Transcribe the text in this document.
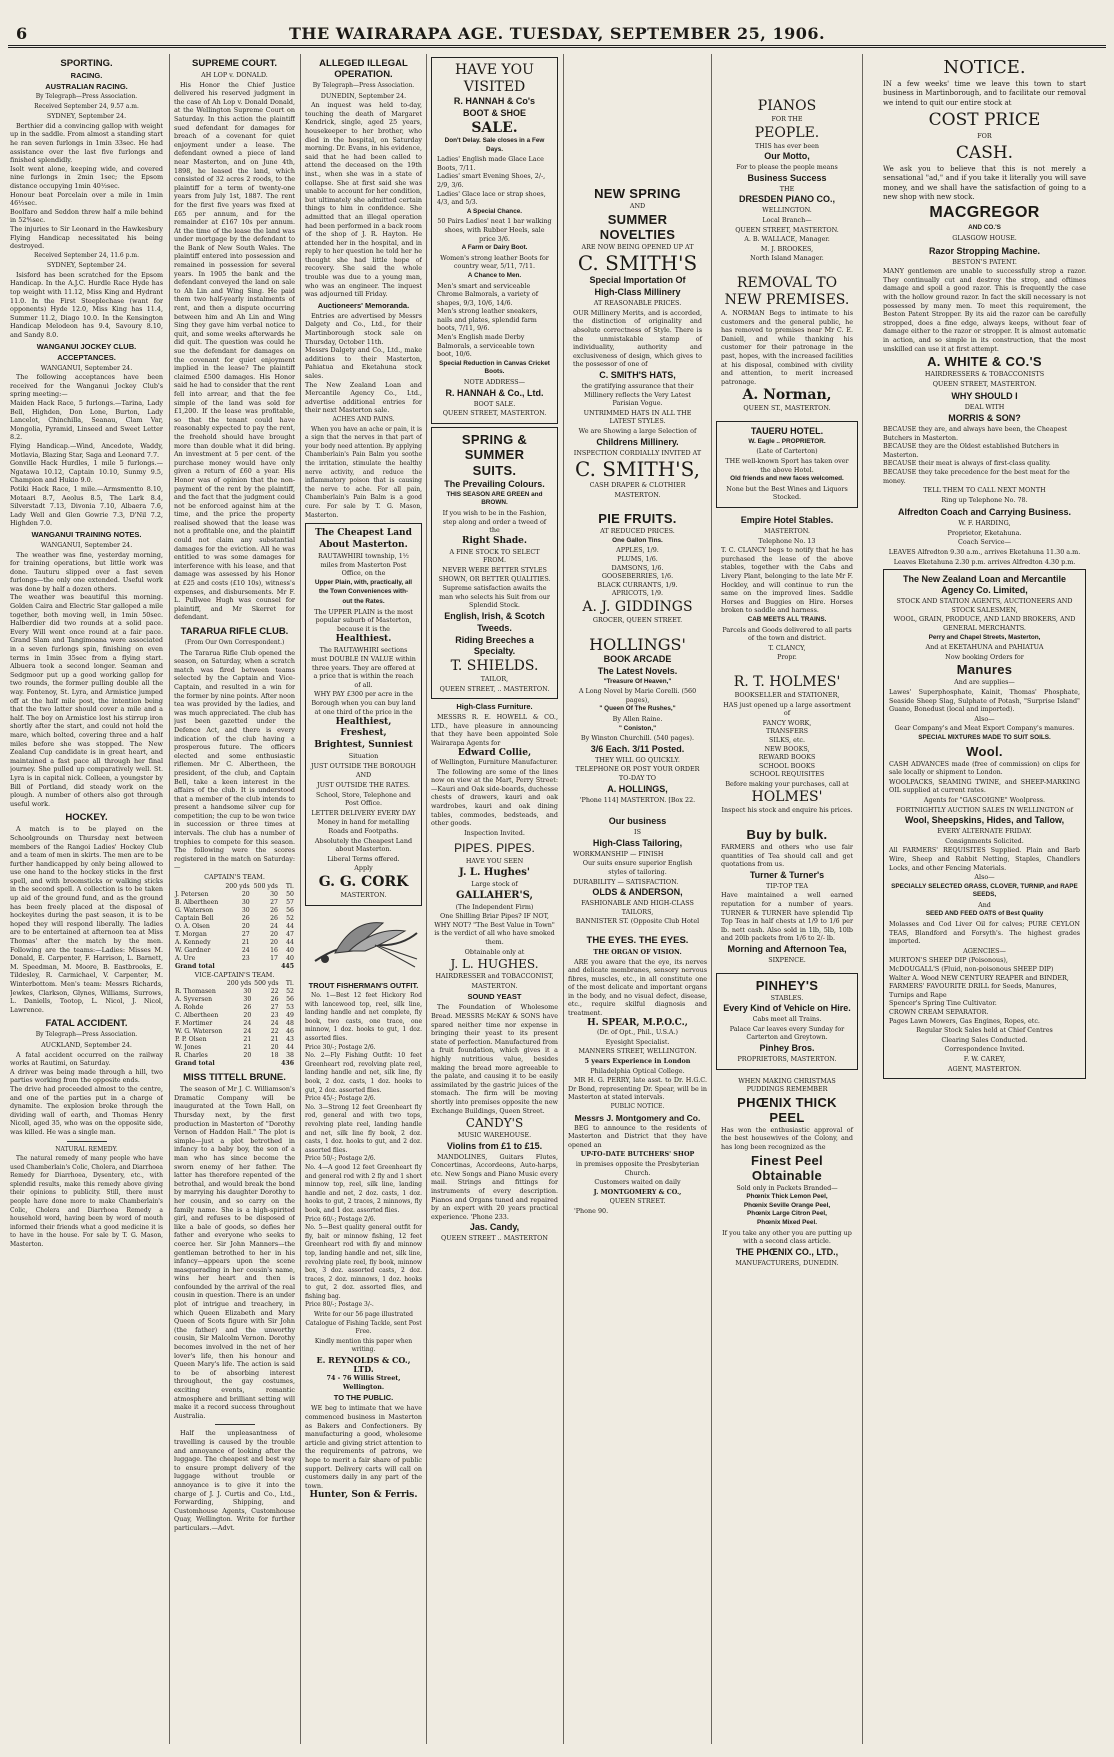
6	THE WAIRARAPA AGE. TUESDAY, SEPTEMBER 25, 1906.
SPORTING.
RACING.
AUSTRALIAN RACING.

By Telegraph—Press Association.

Received September 24, 9.57 a.m.

SYDNEY, September 24.

Berthier did a convincing gallop with weight up in the saddle. From almost a standing start he ran seven furlongs in 1min 33sec. He had assistance over the last five furlongs and finished splendidly.
Isolt went alone, keeping wide, and covered nine furlongs in 2min 1sec; the Epsom distance occupying 1min 40½sec.
Honour beat Porcelain over a mile in 1min 46½sec.
Boolfaro and Seddon threw half a mile behind in 52⅘sec.
The injuries to Sir Leonard in the Hawkesbury Flying Handicap necessitated his being destroyed.

Received September 24, 11.6 p.m.

SYDNEY, September 24.

Isisford has been scratched for the Epsom Handicap. In the A.J.C. Hurdle Race Hyde has top weight with 11.12, Miss King and Hydrant 11.0. In the First Steeplechase (want for opponents) Hyde 12.0, Miss King has 11.4, Summer 11.2, Diago 10.0. In the Kensington Handicap Melodeon has 9.4, Savoury 8.10, and Sandy 8.0.

WANGANUI JOCKEY CLUB.
ACCEPTANCES.

WANGANUI, September 24.

The following acceptances have been received for the Wanganui Jockey Club's spring meeting:—
Maiden Hack Race, 5 furlongs.—Tarina, Lady Bell, Highden, Don Lone, Burton, Lady Lancelot, Chinchilla, Seanau, Clam Var, Mongolia, Pyramid, Linseed and Sweet Letter 8.2.
Flying Handicap.—Wind, Ancedote, Waddy, Motlavia, Blazing Star, Saga and Leonard 7.7.
Gonville Hack Hurdles, 1 mile 5 furlongs.—Ngatawa 10.12, Captain 10.10, Sunmy 9.5, Champion and Hukio 9.0.
Potiki Hack Race, 1 mile.—Armsmentto 8.10, Motaari 8.7, Aeolus 8.5, The Lark 8.4, Silverstadt 7.13, Divonia 7.10, Albaera 7.6, Lady Well and Glen Gowrie 7.3, D'Nil 7.2, Highden 7.0.

WANGANUI TRAINING NOTES.

WANGANUI, September 24.

The weather was fine, yesterday morning, for training operations, but little work was done. Tauturu slipped over a fast seven furlongs—the only one extended. Useful work was done by half a dozen others.
The weather was beautiful this morning. Golden Caira and Electric Star galloped a mile together, both moving well, in 1min 50sec. Halberdier did two rounds at a solid pace. Every Will went once round at a fair pace. Grand Slam and Tangimoana were associated in a seven furlongs spin, finishing on even terms in 1min 35sec from a flying start. Albuera took a second longer. Seaman and Sedgmoor put up a good working gallop for two rounds, the former pulling double all the way. Fontenoy, St. Lyra, and Armistice jumped off at the half mile post, the intention being that the two latter should cover a mile and a half. The boy on Armistice lost his stirrup iron shortly after the start, and could not hold the mare, which bolted, covering three and a half miles before she was stopped. The New Zealand Cup candidate is in great heart, and maintained a fast pace all through her final journey. She pulled up comparatively well. St. Lyra is in capital nick. Colleen, a youngster by Bill of Portland, did steady work on the plough. A number of others also got through useful work.

HOCKEY.

A match is to be played on the Schoolgrounds on Thursday next between members of the Rangoi Ladies' Hockey Club and a team of men in skirts. The men are to be further handicapped by only being allowed to use one hand to the hockey sticks in the first spell, and with broomsticks or walking sticks in the second spell. A collection is to be taken up aid of the ground fund, and as the ground has been freely placed at the disposal of hockeyites during the past season, it is to be hoped they will respond liberally. The ladies are to be entertained at afternoon tea at Miss Thomas' after the match by the men. Following are the teams:—Ladies: Misses M. Donald, E. Carpenter, F. Harrison, L. Barnett, M. Speedman, M. Moore, B. Eastbrooks, E. Tildesley, R. Carmichael, V. Carpenter, M. Winterbottom. Men's team: Messrs Richards, Jewkes, Clarkson, Glynes, Williams, Surrows, L. Daniells, Tootop, L. Nicol, J. Nicol, Lawrence.

FATAL ACCIDENT.

By Telegraph—Press Association.

AUCKLAND, September 24.

A fatal accident occurred on the railway works at Rautimi, on Saturday.
A driver was being made through a hill, two parties working from the opposite ends.
The drive had proceeded almost to the centre, and one of the parties put in a charge of dynamite. The explosion broke through the dividing wall of earth, and Thomas Henry Nicoll, aged 35, who was on the opposite side, was killed. He was a single man.

NATURAL REMEDY.

The natural remedy of many people who have used Chamberlain's Colic, Cholera, and Diarrhoea Remedy for Diarrhoea, Dysentery, etc., with splendid results, make this remedy above giving their opinions to publicity. Still, there must people have done more to make Chamberlain's Colic, Cholera and Diarrhoea Remedy a household word, having been by word of mouth informed their friends what a good medicine it is to have in the house. For sale by T. G. Mason, Masterton.

SUPREME COURT.

AH LOP v. DONALD.

His Honor the Chief Justice delivered his reserved judgment in the case of Ah Lop v. Donald Donald, at the Wellington Supreme Court on Saturday. In this action the plaintiff sued defendant for damages for breach of a covenant for quiet enjoyment under a lease. The defendant owned a piece of land near Masterton, and on June 4th, 1898, he leased the land, which consisted of 32 acres 2 roods, to the plaintiff for a term of twenty-one years from July 1st, 1887. The rent for the first five years was fixed at £65 per annum, and for the remainder at £167 10s per annum. At the time of the lease the land was under mortgage by the defendant to the Bank of New South Wales. The plaintiff entered into possession and remained in possession for several years. In 1905 the bank and the defendant conveyed the land on sale to Ah Lin and Wing Sing. He paid them two half-yearly instalments of rent, and then a dispute occurring between him and Ah Lin and Wing Sing they gave him verbal notice to quit, and some weeks afterwards he did quit. The question was could he sue the defendant for damages on the covenant for quiet enjoyment implied in the lease? The plaintiff claimed £500 damages. His Honor said he had to consider that the rent fell into arrear, and that the fee simple of the land was sold for £1,200. If the lease was profitable, so that the tenant could have reasonably expected to pay the rent, the freehold should have brought more than double what it did bring. An investment at 5 per cent. of the purchase money would have only given a return of £60 a year. His Honor was of opinion that the non-payment of the rent by the plaintiff, and the fact that the judgment could not be enforced against him at the time, and the price the property realised showed that the lease was not a profitable one, and the plaintiff could not claim any substantial damages for the eviction. All he was entitled to was some damages for interference with his lease, and that damage was assessed by his Honor at £25 and costs (£10 10s), witness's expenses, and disbursements. Mr F. L. Pullwee Hugh was counsel for plaintiff, and Mr Skerret for defendant.

TARARUA RIFLE CLUB.

(From Our Own Correspondent.)

The Tararua Rifle Club opened the season, on Saturday, when a scratch match was fired between teams selected by the Captain and Vice-Captain, and resulted in a win for the former by nine points. After noon tea was provided by the ladies, and was much appreciated. The club has just been gazetted under the Defence Act, and there is every indication of the club having a prosperous future. The officers elected and some enthusiastic riflemen. Mr C. Albertheen, the president, of the club, and Captain Bell, take a keen interest in the affairs of the club. It is understood that a member of the club intends to present a handsome silver cup for competition; the cup to be won twice in succession or three times at intervals. The club has a number of trophies to compete for this season. The following were the scores registered in the match on Saturday:—

CAPTAIN'S TEAM.

	200 yds	500 yds	Tl.
J. Petersen	20	30	50
B. Albertheen	30	27	57
G. Waterson	30	26	56
Captain Bell	26	26	52
O. A. Olsen	20	24	44
T. Morgan	27	20	47
A. Kennedy	21	20	44
W. Gardner	24	16	40
A. Ure	23	17	40
Grand total			445

VICE-CAPTAIN'S TEAM.

	200 yds	500 yds	Tl.
R. Thomasen	30	22	52
A. Syversen	30	26	56
A. Rohde	26	27	53
C. Albertheen	20	23	49
F. Mortimer	24	24	48
W. G. Waterson	24	22	46
P. P. Olsen	21	21	43
W. Jones	21	20	44
R. Charles	20	18	38
Grand total			436
MISS TITTELL BRUNE.

The season of Mr J. C. Williamson's Dramatic Company will be inaugurated at the Town Hall, on Thursday next, by the first production in Masterton of "Dorothy Vernon of Haddon Hall." The plot is simple—just a plot betrothed in infancy to a baby boy, the son of a man who has since become the sworn enemy of her father. The latter has therefore repented of the betrothal, and would break the bond by marrying his daughter Dorothy to her cousin, and so carry on the family name. She is a high-spirited girl, and refuses to be disposed of like a bale of goods, so defies her father and everyone who seeks to coerce her. Sir John Manners—the gentleman betrothed to her in his infancy—appears upon the scene masquerading in her cousin's name, wins her heart and then is confounded by the arrival of the real cousin in question. There is an under plot of intrigue and treachery, in which Queen Elizabeth and Mary Queen of Scots figure with Sir John (the father) and the unworthy cousin, Sir Malcolm Vernon. Dorothy becomes involved in the net of her lover's life, then his honour and Queen Mary's life. The action is said to be of absorbing interest throughout, the gay costumes, exciting events, romantic atmosphere and brilliant setting will make it a record success throughout Australia.

Half the unpleasantness of travelling is caused by the trouble and annoyance of looking after the luggage. The cheapest and best way to ensure prompt delivery of the luggage without trouble or annoyance is to give it into the charge of J. J. Curtis and Co., Ltd., Forwarding, Shipping, and Customhouse Agents, Customhouse Quay, Wellington. Write for further particulars.—Advt.

ALLEGED ILLEGAL OPERATION.

By Telegraph—Press Association.

DUNEDIN, September 24.

An inquest was held to-day, touching the death of Margaret Kendrick, single, aged 25 years, housekeeper to her brother, who died in the hospital, on Saturday morning. Dr. Evans, in his evidence, said that he had been called to attend the deceased on the 19th inst., when she was in a state of collapse. She at first said she was unable to account for her condition, but ultimately she admitted certain things to him in confidence. She admitted that an illegal operation had been performed in a back room of the shop of J. R. Hayton. He attended her in the hospital, and in reply to her question he told her he thought she had little hope of recovery. She said the whole trouble was due to a young man, who was an engineer. The inquest was adjourned till Friday.

Auctioneers' Memoranda.

Entries are advertised by Messrs Dalgety and Co., Ltd., for their Martinborough stock sale on Thursday, October 11th.
Messrs Dalgety and Co., Ltd., make additions to their Masterton, Pahiatua and Eketahuna stock sales.
The New Zealand Loan and Mercantile Agency Co., Ltd., advertise additional entries for their next Masterton sale.

ACHES AND PAINS.

When you have an ache or pain, it is a sign that the nerves in that part of your body need attention. By applying Chamberlain's Pain Balm you soothe the irritation, stimulate the healthy nerve activity, and reduce the inflammatory poison that is causing the nerve to ache. For all pain, Chamberlain's Pain Balm is a good cure. For sale by T. G. Mason, Masterton.

The Cheapest Land

About Masterton.

RAUTAWHIRI township, 1½ miles from Masterton Post Office, on the

Upper Plain, with, practically, all

the Town Conveniences with-

out the Rates.

The UPPER PLAIN is the most popular suburb of Masterton, because it is the

Healthiest.

The RAUTAWHIRI sections must DOUBLE IN VALUE within three years. They are offered at a price that is within the reach of all.

WHY PAY £300 per acre in the Borough when you can buy land at one third of the price in the

Healthiest, Freshest,

Brightest, Sunniest

Situation

JUST OUTSIDE THE BOROUGH

AND

JUST OUTSIDE THE RATES.

School, Store, Telephone and Post Office.

LETTER DELIVERY EVERY DAY

Money in hand for metalling Roads and Footpaths.

Absolutely the Cheapest Land about Masterton.

Liberal Terms offered.

Apply

G. G. CORK

MASTERTON.

TROUT FISHERMAN'S OUTFIT.

No. 1—Best 12 feet Hickory Rod with lancewood top, reel, silk line, landing handle and net complete, fly book, two casts, one trace, one minnow, 1 doz. hooks to gut, 1 doz. assorted flies.
Price 30/-; Postage 2/6.
No. 2—Fly Fishing Outfit: 10 feet Greenheart rod, revolving plate reel, landing handle and net, silk line, fly book, 2 doz. casts, 1 doz. hooks to gut, 2 doz. assorted flies.
Price 45/-; Postage 2/6.
No. 3—Strong 12 feet Greenheart fly rod, general and with two tops, revolving plate reel, landing handle and net, silk line fly book, 2 doz. casts, 1 doz. hooks to gut, and 2 doz. assorted flies.
Price 50/-; Postage 2/6.
No. 4—A good 12 feet Greenheart fly and general rod with 2 fly and 1 short minnow top, reel, silk line, landing handle and net, 2 doz. casts, 1 doz. hooks to gut, 2 traces, 2 minnows, fly book, and 1 doz. assorted flies.
Price 60/-; Postage 2/6.
No. 5—Best quality general outfit for fly, bait or minnow fishing, 12 feet Greenheart rod with fly and minnow top, landing handle and net, silk line, revolving plate reel, fly book, minnow box, 3 doz. assorted casts, 2 doz. traces, 2 doz. minnows, 1 doz. hooks to gut, 2 doz. assorted flies, and fishing bag.
Price 80/-; Postage 3/-.

Write for our 56 page illustrated Catalogue of Fishing Tackle, sent Post Free.

Kindly mention this paper when writing.

E. REYNOLDS & CO., LTD.

74 - 76 Willis Street, Wellington.

TO THE PUBLIC.

WE beg to intimate that we have commenced business in Masterton as Bakers and Confectioners. By manufacturing a good, wholesome article and giving strict attention to the requirements of patrons, we hope to merit a fair share of public support. Delivery carts will call on customers daily in any part of the town.

Hunter, Son & Ferris.

HAVE YOU

VISITED

R. HANNAH & Co's

BOOT & SHOE

SALE.

Don't Delay. Sale closes in a Few Days.

Ladies' English made Glace Lace Boots, 7/11.
Ladies' smart Evening Shoes, 2/-, 2/9, 3/6.
Ladies' Glace lace or strap shoes, 4/3, and 5/3.

A Special Chance.

50 Pairs Ladies' neat 1 bar walking shoes, with Rubber Heels, sale price 3/6.

A Farm or Dairy Boot.

Women's strong leather Boots for country wear, 5/11, 7/11.

A Chance to Men.

Men's smart and serviceable Chrome Balmorals, a variety of shapes, 9/3, 10/6, 14/6.
Men's strong leather sneakers, nails and plates, splendid farm boots, 7/11, 9/6.
Men's English made Derby Balmorals, a serviceable town boot, 10/6.

Special Reduction in Canvas Cricket Boots.

NOTE ADDRESS—

R. HANNAH & Co., Ltd.

BOOT SALE.

QUEEN STREET, MASTERTON.

SPRING & SUMMER

SUITS.

The Prevailing Colours.

THIS SEASON ARE GREEN and BROWN.

If you wish to be in the Fashion, step along and order a tweed of the

Right Shade.

A FINE STOCK TO SELECT FROM.

NEVER WERE BETTER STYLES SHOWN, OR BETTER QUALITIES.

Supreme satisfaction awaits the man who selects his Suit from our Splendid Stock.

English, Irish, & Scotch

Tweeds.

Riding Breeches a Specialty.

T. SHIELDS.

TAILOR,

QUEEN STREET, .. MASTERTON.

High-Class Furniture.

MESSRS R. E. HOWELL & CO., LTD., have pleasure in announcing that they have been appointed Sole Wairarapa Agents for

Edward Collie,

of Wellington, Furniture Manufacturer.

The following are some of the lines now on view at the Mart, Perry Street:—Kauri and Oak side-boards, duchesse chests of drawers, kauri and oak wardrobes, kauri and oak dining tables, commodes, bedsteads, and other goods.

Inspection Invited.

PIPES. PIPES.

HAVE YOU SEEN

J. L. Hughes'

Large stock of

GALLAHER'S,

(The Independent Firm)

One Shilling Briar Pipes? IF NOT, WHY NOT? "The Best Value in Town" is the verdict of all who have smoked them.

Obtainable only at

J. L. HUGHES.

HAIRDRESSER and TOBACCONIST,

MASTERTON.

SOUND YEAST

The Foundation of Wholesome Bread. MESSRS McKAY & SONS have spared neither time nor expense in bringing their yeast to its present state of perfection. Manufactured from a fruit foundation, which gives it a highly nutritious value, besides making the bread more agreeable to the palate, and causing it to be easily assimilated by the gastric juices of the stomach. The firm will be moving shortly into premises opposite the new Exchange Buildings, Queen Street.

CANDY'S

MUSIC WAREHOUSE.

Violins from £1 to £15.

MANDOLINES, Guitars Flutes, Concertinas, Accordeons, Auto-harps, etc. New Songs and Piano Music every mail. Strings and fittings for instruments of every description. Pianos and Organs tuned and repaired by an expert with 20 years practical experience. 'Phone 233.

Jas. Candy,

QUEEN STREET .. MASTERTON

NEW SPRING

AND

SUMMER NOVELTIES

ARE NOW BEING OPENED UP AT

C. SMITH'S

Special Importation Of

High-Class Millinery

AT REASONABLE PRICES.

OUR Millinery Merits, and is accorded, the distinction of originality and absolute correctness of Style. There is the unmistakable stamp of individuality, authority and exclusiveness of design, which gives to the possessor of one of

C. SMITH'S HATS,

the gratifying assurance that their Millinery reflects the Very Latest Parisian Vogue.

UNTRIMMED HATS IN ALL THE LATEST STYLES.

We are Showing a large Selection of

Childrens Millinery.

INSPECTION CORDIALLY INVITED AT

C. SMITH'S,

CASH DRAPER & CLOTHIER

MASTERTON.

PIE FRUITS.

AT REDUCED PRICES.

One Gallon Tins.

APPLES, 1/9.
PLUMS, 1/6.
DAMSONS, 1/6.
GOOSEBERRIES, 1/6.
BLACK CURRANTS, 1/9.
APRICOTS, 1/9.

A. J. GIDDINGS

GROCER, QUEEN STREET.

HOLLINGS'

BOOK ARCADE

The Latest Novels.

"Treasure Of Heaven,"

A Long Novel by Marie Corelli. (560 pages),

" Queen Of The Rushes,"

By Allen Raine.

" Coniston,"

By Winston Churchill. (540 pages).

3/6 Each. 3/11 Posted.

THEY WILL GO QUICKLY.

TELEPHONE OR POST YOUR ORDER TO-DAY TO

A. HOLLINGS,

'Phone 114] MASTERTON. [Box 22.

Our business

IS

High-Class Tailoring,

WORKMANSHIP — FINISH

Our suits ensure superior English styles of tailoring.

DURABILITY — SATISFACTION.

OLDS & ANDERSON,

FASHIONABLE AND HIGH-CLASS TAILORS,

BANNISTER ST. (Opposite Club Hotel

THE EYES. THE EYES.

THE ORGAN OF VISION.

ARE you aware that the eye, its nerves and delicate membranes, sensory nervous fibres, muscles, etc., in all constitute one of the most delicate and important organs in the body, and no visual defect, disease, etc., require skilful diagnosis and treatment.

H. SPEAR, M.P.O.C.,

(Dr. of Opt., Phil., U.S.A.)

Eyesight Specialist.

MANNERS STREET, WELLINGTON.

5 years Experience in London

Philadelphia Optical College.

MR H. G. PERRY, late asst. to Dr. H.G.C. Dr Bond, representing Dr. Spear, will be in Masterton at stated intervals.

PUBLIC NOTICE.

Messrs J. Montgomery and Co.

BEG to announce to the residents of Masterton and District that they have opened an

UP-TO-DATE BUTCHERS' SHOP

in premises opposite the Presbyterian Church.

Customers waited on daily

J. MONTGOMERY & CO.,

QUEEN STREET.

'Phone 90.

PIANOS

FOR THE

PEOPLE.

THIS has ever been

Our Motto,

For to please the people means

Business Success

THE

DRESDEN PIANO CO.,

WELLINGTON.

Local Branch—

QUEEN STREET, MASTERTON.

A. B. WALLACE, Manager.

M. J. BROOKES,

North Island Manager.

REMOVAL TO

NEW PREMISES.

A. NORMAN Begs to intimate to his customers and the general public, he has removed to premises near Mr C. E. Daniell, and while thanking his customer for their patronage in the past, hopes, with the increased facilities at his disposal, combined with civility and attention, to merit increased patronage.

A. Norman,

QUEEN ST., MASTERTON.

TAUERU HOTEL.

W. Eagle .. PROPRIETOR.

(Late of Carterton)

THE well-known Sport has taken over the above Hotel.

Old friends and new faces welcomed.

None but the Best Wines and Liquors Stocked.

Empire Hotel Stables.

MASTERTON.

Telephone No. 13

T. C. CLANCY begs to notify that he has purchased the lease of the above stables, together with the Cabs and Livery Plant, belonging to the late Mr F. Hockley, and will continue to run the same on the improved lines. Saddle Horses and Buggies on Hire. Horses broken to saddle and harness.

CAB MEETS ALL TRAINS.

Parcels and Goods delivered to all parts of the town and district.

T. CLANCY,

Propr.

R. T. HOLMES'

BOOKSELLER and STATIONER,

HAS just opened up a large assortment of

FANCY WORK,
TRANSFERS
SILKS, etc.
NEW BOOKS,
REWARD BOOKS
SCHOOL BOOKS
SCHOOL REQUISITES

Before making your purchases, call at

HOLMES'

Inspect his stock and enquire his prices.

Buy by bulk.

FARMERS and others who use fair quantities of Tea should call and get quotations from us.

Turner & Turner's

TIP-TOP TEA

Have maintained a well earned reputation for a number of years. TURNER & TURNER have splendid Tip Top Teas in half chests at 1/9 to 1/6 per lb. nett cash. Also sold in 1lb, 5lb, 10lb and 20lb packets from 1/6 to 2/- lb.

Morning and Afternoon Tea,

SIXPENCE.

PINHEY'S

STABLES.

Every Kind of Vehicle on Hire.

Cabs meet all Trains.

Palace Car leaves every Sunday for Carterton and Greytown.

Pinhey Bros.

PROPRIETORS, MASTERTON.

WHEN MAKING CHRISTMAS PUDDINGS REMEMBER

PHŒNIX THICK PEEL

Has won the enthusiastic approval of the best housewives of the Colony, and has long been recognized as the

Finest Peel Obtainable

Sold only in Packets Branded—

Phœnix Thick Lemon Peel,
Phœnix Seville Orange Peel,
Phœnix Large Citron Peel,
Phœnix Mixed Peel.

If you take any other you are putting up with a second class article.

THE PHŒNIX CO., LTD.,

MANUFACTURERS, DUNEDIN.

NOTICE.

IN a few weeks' time we leave this town to start business in Martinborough, and to facilitate our removal we intend to quit our entire stock at

COST PRICE

FOR

CASH.

We ask you to believe that this is not merely a sensational "ad," and if you take it literally you will save money, and we shall have the satisfaction of going to a new shop with new stock.

MACGREGOR

AND CO.'S

GLASGOW HOUSE.

Razor Stropping Machine.

BESTON'S PATENT.

MANY gentlemen are unable to successfully strop a razor. They continually cut and destroy the strop, and oftimes damage and spoil a good razor. This is frequently the case with the hollow ground razor. In fact the skill necessary is not possessed by many men. To meet this requirement, the Beston Patent Stropper. By its aid the razor can be carefully stropped, does a fine edge, always keeps, without fear of damage either to the razor or stropper. It is almost automatic in action, and so simple in its construction, that the most unskilled can use it at first attempt.

A. WHITE & CO.'S

HAIRDRESSERS & TOBACCONISTS

QUEEN STREET, MASTERTON.

WHY SHOULD I

DEAL WITH

MORRIS & SON?

BECAUSE they are, and always have been, the Cheapest Butchers in Masterton.
BECAUSE they are the Oldest established Butchers in Masterton.
BECAUSE their meat is always of first-class quality.
BECAUSE they take precedence for the best meat for the money.

TELL THEM TO CALL NEXT MONTH

Ring up Telephone No. 78.

Alfredton Coach and Carrying Business.

W. F. HARDING,

Proprietor, Eketahuna.

Coach Service—

LEAVES Alfredton 9.30 a.m., arrives Eketahuna 11.30 a.m.

Leaves Eketahuna 2.30 p.m. arrives Alfredton 4.30 p.m.

The New Zealand Loan and Mercantile Agency Co. Limited,

STOCK AND STATION AGENTS, AUCTIONEERS AND STOCK SALESMEN,

WOOL, GRAIN, PRODUCE, AND LAND BROKERS, AND GENERAL MERCHANTS.

Perry and Chapel Streets, Masterton,

And at EKETAHUNA and PAHIATUA

Now booking Orders for

Manures

And are supplies—

Lawes' Superphosphate, Kainit, Thomas' Phosphate, Seaside Sheep Slag, Sulphate of Potash, "Surprise Island" Guano, Bonedust (local and imported).

Also—

Gear Company's and Meat Export Company's manures.

SPECIAL MIXTURES MADE TO SUIT SOILS.

Wool.

CASH ADVANCES made (free of commission) on clips for sale locally or shipment to London.

WOOLPACKS, SEAMING TWINE, and SHEEP-MARKING OIL supplied at current rates.

Agents for "GASCOIGNE" Woolpress.

FORTNIGHTLY AUCTION SALES IN WELLINGTON of

Wool, Sheepskins, Hides, and Tallow,

EVERY ALTERNATE FRIDAY.

Consignments Solicited.

All FARMERS' REQUISITES Supplied. Plain and Barb Wire, Sheep and Rabbit Netting, Staples, Chandlers Locks, and other Fencing Materials.

Also—

SPECIALLY SELECTED GRASS, CLOVER, TURNIP, and RAPE SEEDS,

And

SEED AND FEED OATS of Best Quality

Molasses and Cod Liver Oil for calves; PURE CEYLON TEAS, Blandford and Forsyth's. The highest grades imported.

AGENCIES—

MURTON'S SHEEP DIP (Poisonous),
McDOUGALL'S (Fluid, non-poisonous SHEEP DIP)
Walter A. Wood NEW CENTURY REAPER and BINDER,
FARMERS' FAVOURITE DRILL for Seeds, Manures, Turnips and Rape
Spencer's Spring Tine Cultivator.
CROWN CREAM SEPARATOR.
Pages Lawn Mowers, Gas Engines, Ropes, etc.

Regular Stock Sales held at Chief Centres

Clearing Sales Conducted.

Correspondence Invited.

F. W. CAREY,

AGENT, MASTERTON.
